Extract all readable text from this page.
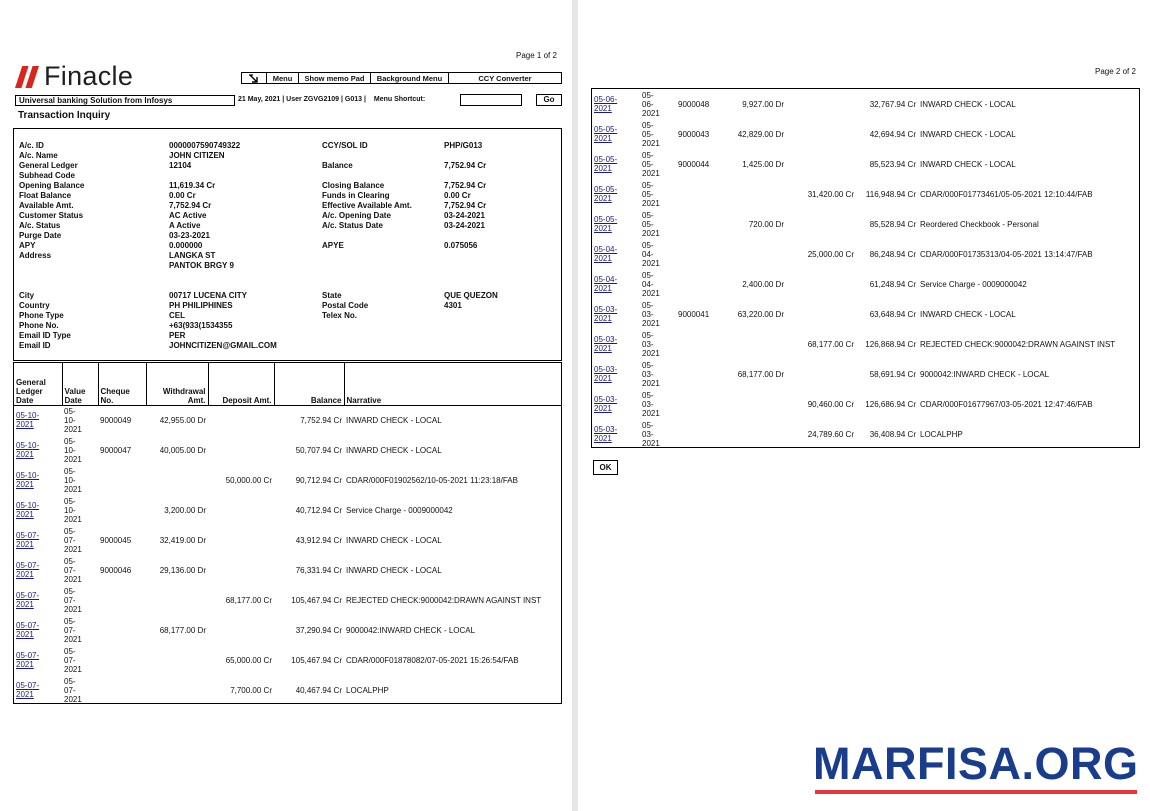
Page 1 of 2
Finacle	Menu	Show memo Pad	Background Menu	CCY Converter
Universal banking Solution from Infosys	21 May, 2021 | User ZGVG2109 | G013 | Menu Shortcut:	Go
Transaction Inquiry
A/c. ID	0000007590749322
A/c. Name	JOHN CITIZEN
General Ledger	12104
Subhead Code
Opening Balance	11,619.34 Cr
Float Balance	0.00 Cr
Available Amt.	7,752.94 Cr
Customer Status	AC Active
A/c. Status	A Active
Purge Date	03-23-2021
APY	0.000000
Address	LANGKA ST
PANTOK BRGY 9
City	00717 LUCENA CITY
Country	PH PHILIPHINES
Phone Type	CEL
Phone No.	+63(933(1534355
Email ID Type	PER
Email ID	JOHNCITIZEN@GMAIL.COM
CCY/SOL ID	PHP/G013
Balance	7,752.94 Cr
Closing Balance	7,752.94 Cr
Funds in Clearing	0.00 Cr
Effective Available Amt.	7,752.94 Cr
A/c. Opening Date	03-24-2021
A/c. Status Date	03-24-2021
APYE	0.075056
State	QUE QUEZON
Postal Code	4301
Telex No.
General Ledger Date	Value Date	Cheque No.	Withdrawal Amt.	Deposit Amt.	Balance	Narrative
05-10-2021	05-
10-
2021	9000049	42,955.00 Dr		7,752.94 Cr	INWARD CHECK - LOCAL
05-10-2021	05-
10-
2021	9000047	40,005.00 Dr		50,707.94 Cr	INWARD CHECK - LOCAL
05-10-2021	05-
10-
2021			50,000.00 Cr	90,712.94 Cr	CDAR/000F01902562/10-05-2021 11:23:18/FAB
05-10-2021	05-
10-
2021		3,200.00 Dr		40,712.94 Cr	Service Charge - 0009000042
05-07-2021	05-
07-
2021	9000045	32,419.00 Dr		43,912.94 Cr	INWARD CHECK - LOCAL
05-07-2021	05-
07-
2021	9000046	29,136.00 Dr		76,331.94 Cr	INWARD CHECK - LOCAL
05-07-2021	05-
07-
2021			68,177.00 Cr	105,467.94 Cr	REJECTED CHECK:9000042:DRAWN AGAINST INST
05-07-2021	05-
07-
2021		68,177.00 Dr		37,290.94 Cr	9000042:INWARD CHECK - LOCAL
05-07-2021	05-
07-
2021			65,000.00 Cr	105,467.94 Cr	CDAR/000F01878082/07-05-2021 15:26:54/FAB
05-07-2021	05-
07-
2021			7,700.00 Cr	40,467.94 Cr	LOCALPHP
Page 2 of 2
05-06-2021	05-
06-
2021	9000048	9,927.00 Dr		32,767.94 Cr	INWARD CHECK - LOCAL
05-05-2021	05-
05-
2021	9000043	42,829.00 Dr		42,694.94 Cr	INWARD CHECK - LOCAL
05-05-2021	05-
05-
2021	9000044	1,425.00 Dr		85,523.94 Cr	INWARD CHECK - LOCAL
05-05-2021	05-
05-
2021			31,420.00 Cr	116,948.94 Cr	CDAR/000F01773461/05-05-2021 12:10:44/FAB
05-05-2021	05-
05-
2021		720.00 Dr		85,528.94 Cr	Reordered Checkbook - Personal
05-04-2021	05-
04-
2021			25,000.00 Cr	86,248.94 Cr	CDAR/000F01735313/04-05-2021 13:14:47/FAB
05-04-2021	05-
04-
2021		2,400.00 Dr		61,248.94 Cr	Service Charge - 0009000042
05-03-2021	05-
03-
2021	9000041	63,220.00 Dr		63,648.94 Cr	INWARD CHECK - LOCAL
05-03-2021	05-
03-
2021			68,177.00 Cr	126,868.94 Cr	REJECTED CHECK:9000042:DRAWN AGAINST INST
05-03-2021	05-
03-
2021		68,177.00 Dr		58,691.94 Cr	9000042:INWARD CHECK - LOCAL
05-03-2021	05-
03-
2021			90,460.00 Cr	126,686.94 Cr	CDAR/000F01677967/03-05-2021 12:47:46/FAB
05-03-2021	05-
03-
2021			24,789.60 Cr	36,408.94 Cr	LOCALPHP
OK
MARFISA.ORG
